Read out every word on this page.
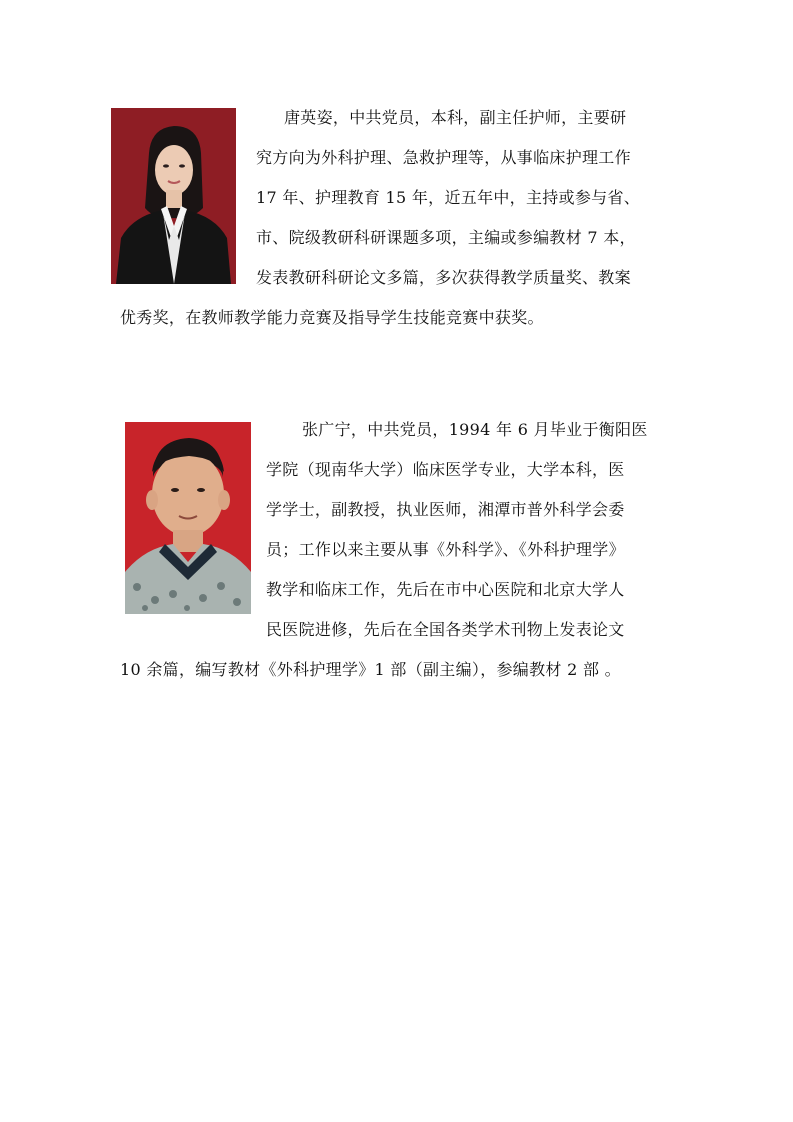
唐英姿，中共党员，本科，副主任护师，主要研
究方向为外科护理、急救护理等，从事临床护理工作
17 年、护理教育 15 年，近五年中，主持或参与省、
市、院级教研科研课题多项，主编或参编教材 7 本，
发表教研科研论文多篇，多次获得教学质量奖、教案
优秀奖，在教师教学能力竞赛及指导学生技能竞赛中获奖。
张广宁，中共党员，1994 年 6 月毕业于衡阳医
学院（现南华大学）临床医学专业，大学本科，医
学学士，副教授，执业医师，湘潭市普外科学会委
员；工作以来主要从事《外科学》、《外科护理学》
教学和临床工作，先后在市中心医院和北京大学人
民医院进修，先后在全国各类学术刊物上发表论文
10 余篇，编写教材《外科护理学》1 部（副主编），参编教材 2 部 。
